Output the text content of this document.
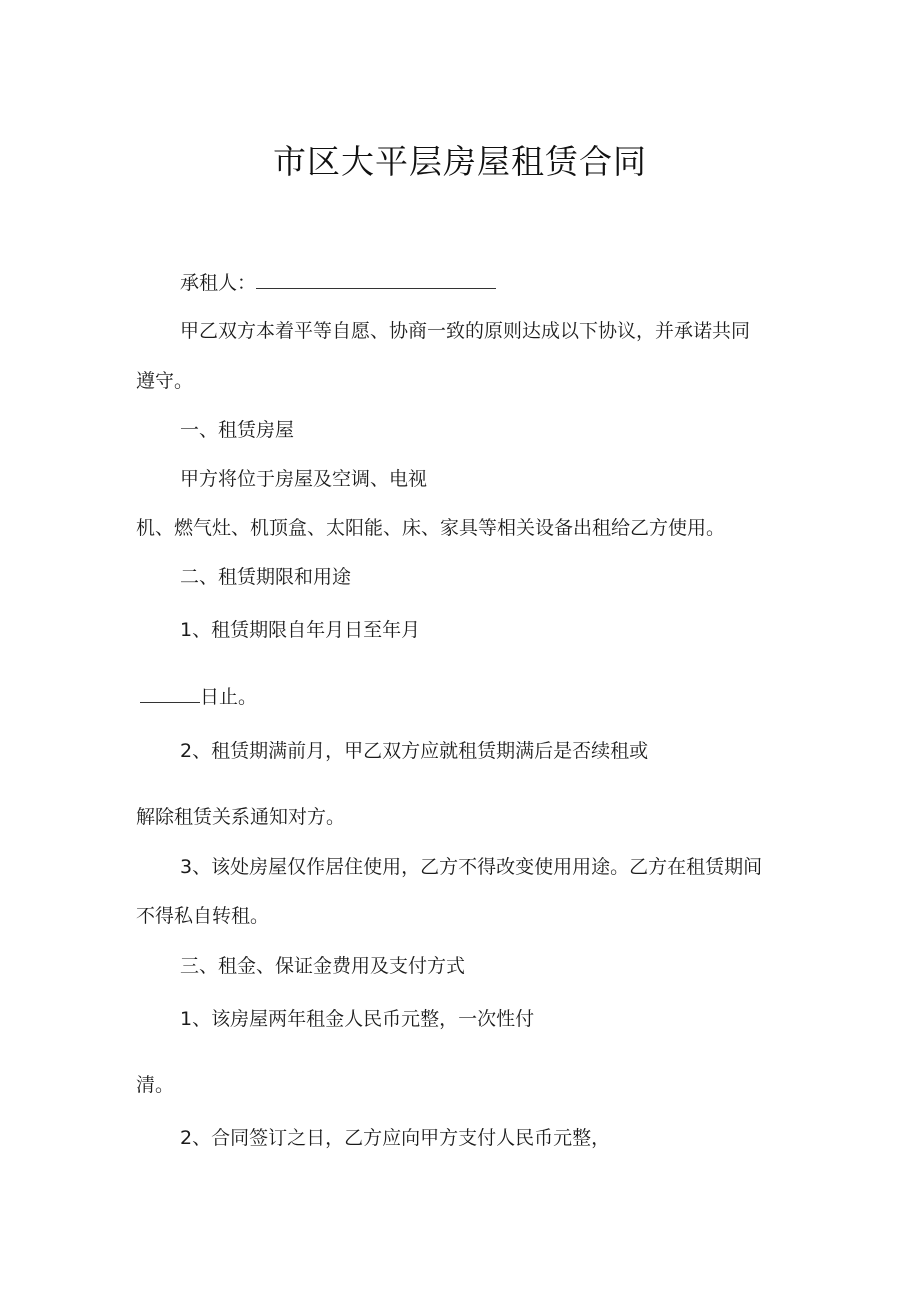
市区大平层房屋租赁合同
承租人：
甲乙双方本着平等自愿、协商一致的原则达成以下协议，并承诺共同
遵守。
一、租赁房屋
甲方将位于房屋及空调、电视
机、燃气灶、机顶盒、太阳能、床、家具等相关设备出租给乙方使用。
二、租赁期限和用途
1、租赁期限自年月日至年月
日止。
2、租赁期满前月，甲乙双方应就租赁期满后是否续租或
解除租赁关系通知对方。
3、该处房屋仅作居住使用，乙方不得改变使用用途。乙方在租赁期间
不得私自转租。
三、租金、保证金费用及支付方式
1、该房屋两年租金人民币元整，一次性付
清。
2、合同签订之日，乙方应向甲方支付人民币元整，
